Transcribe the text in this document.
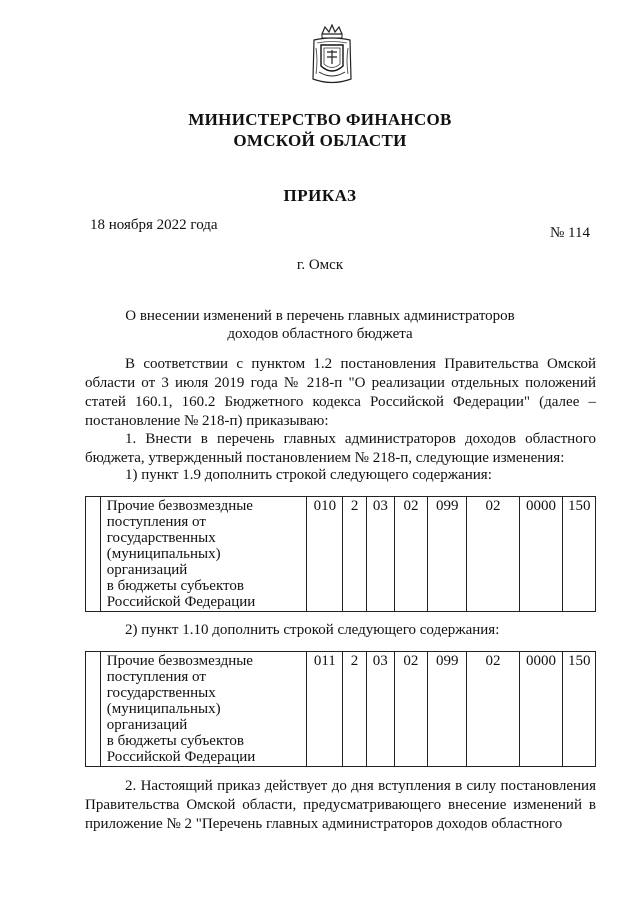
МИНИСТЕРСТВО ФИНАНСОВ
ОМСКОЙ ОБЛАСТИ
ПРИКАЗ
18 ноября 2022 года	№ 114
г. Омск
О внесении изменений в перечень главных администраторов
доходов областного бюджета
В соответствии с пунктом 1.2 постановления Правительства Омской области от 3 июля 2019 года № 218-п "О реализации отдельных положений статей 160.1, 160.2 Бюджетного кодекса Российской Федерации" (далее – постановление № 218-п) приказываю:
1. Внести в перечень главных администраторов доходов областного бюджета, утвержденный постановлением № 218-п, следующие изменения:
1) пункт 1.9 дополнить строкой следующего содержания:

Прочие безвозмездные
поступления от
государственных
(муниципальных) организаций
в бюджеты субъектов
Российской Федерации
	010	2	03	02	099	02	0000	150
2) пункт 1.10 дополнить строкой следующего содержания:

Прочие безвозмездные
поступления от
государственных
(муниципальных) организаций
в бюджеты субъектов
Российской Федерации
	011	2	03	02	099	02	0000	150
2. Настоящий приказ действует до дня вступления в силу постановления Правительства Омской области, предусматривающего внесение изменений в приложение № 2 "Перечень главных администраторов доходов областного
